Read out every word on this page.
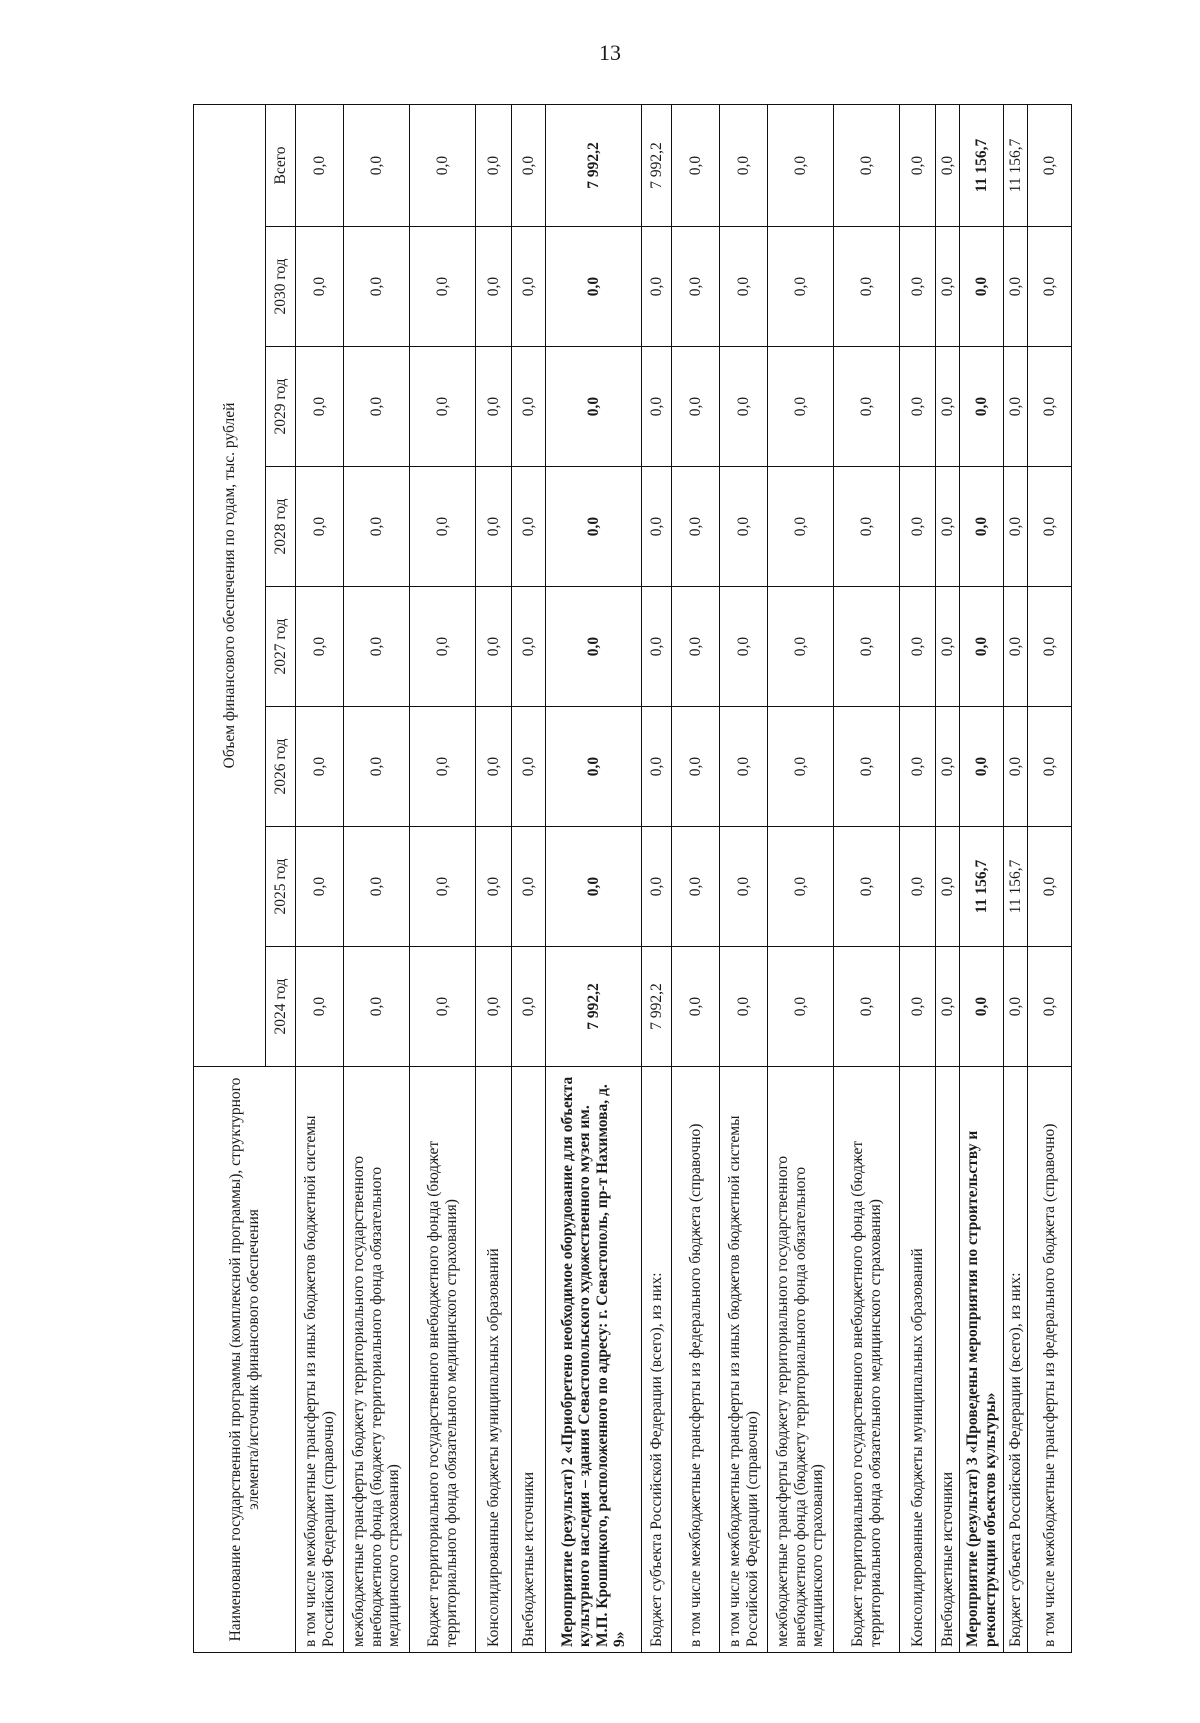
13
Наименование государственной программы (комплексной программы), структурного элемента/источник финансового обеспечения	Объем финансового обеспечения по годам, тыс. рублей							
	2024 год	2025 год	2026 год	2027 год	2028 год	2029 год	2030 год	Всего
в том числе межбюджетные трансферты из иных бюджетов бюджетной системы Российской Федерации (справочно)	0,0	0,0	0,0	0,0	0,0	0,0	0,0	0,0
межбюджетные трансферты бюджету территориального государственного внебюджетного фонда (бюджету территориального фонда обязательного медицинского страхования)	0,0	0,0	0,0	0,0	0,0	0,0	0,0	0,0
Бюджет территориального государственного внебюджетного фонда (бюджет территориального фонда обязательного медицинского страхования)	0,0	0,0	0,0	0,0	0,0	0,0	0,0	0,0
Консолидированные бюджеты муниципальных образований	0,0	0,0	0,0	0,0	0,0	0,0	0,0	0,0
Внебюджетные источники	0,0	0,0	0,0	0,0	0,0	0,0	0,0	0,0
Мероприятие (результат) 2 «Приобретено необходимое оборудование для объекта культурного наследия – здания Севастопольского художественного музея им. М.П. Крошицкого, расположенного по адресу: г. Севастополь, пр-т Нахимова, д. 9»	7 992,2	0,0	0,0	0,0	0,0	0,0	0,0	7 992,2
Бюджет субъекта Российской Федерации (всего), из них:	7 992,2	0,0	0,0	0,0	0,0	0,0	0,0	7 992,2
в том числе межбюджетные трансферты из федерального бюджета (справочно)	0,0	0,0	0,0	0,0	0,0	0,0	0,0	0,0
в том числе межбюджетные трансферты из иных бюджетов бюджетной системы Российской Федерации (справочно)	0,0	0,0	0,0	0,0	0,0	0,0	0,0	0,0
межбюджетные трансферты бюджету территориального государственного внебюджетного фонда (бюджету территориального фонда обязательного медицинского страхования)	0,0	0,0	0,0	0,0	0,0	0,0	0,0	0,0
Бюджет территориального государственного внебюджетного фонда (бюджет территориального фонда обязательного медицинского страхования)	0,0	0,0	0,0	0,0	0,0	0,0	0,0	0,0
Консолидированные бюджеты муниципальных образований	0,0	0,0	0,0	0,0	0,0	0,0	0,0	0,0
Внебюджетные источники	0,0	0,0	0,0	0,0	0,0	0,0	0,0	0,0
Мероприятие (результат) 3 «Проведены мероприятия по строительству и реконструкции объектов культуры»	0,0	11 156,7	0,0	0,0	0,0	0,0	0,0	11 156,7
Бюджет субъекта Российской Федерации (всего), из них:	0,0	11 156,7	0,0	0,0	0,0	0,0	0,0	11 156,7
в том числе межбюджетные трансферты из федерального бюджета (справочно)	0,0	0,0	0,0	0,0	0,0	0,0	0,0	0,0
